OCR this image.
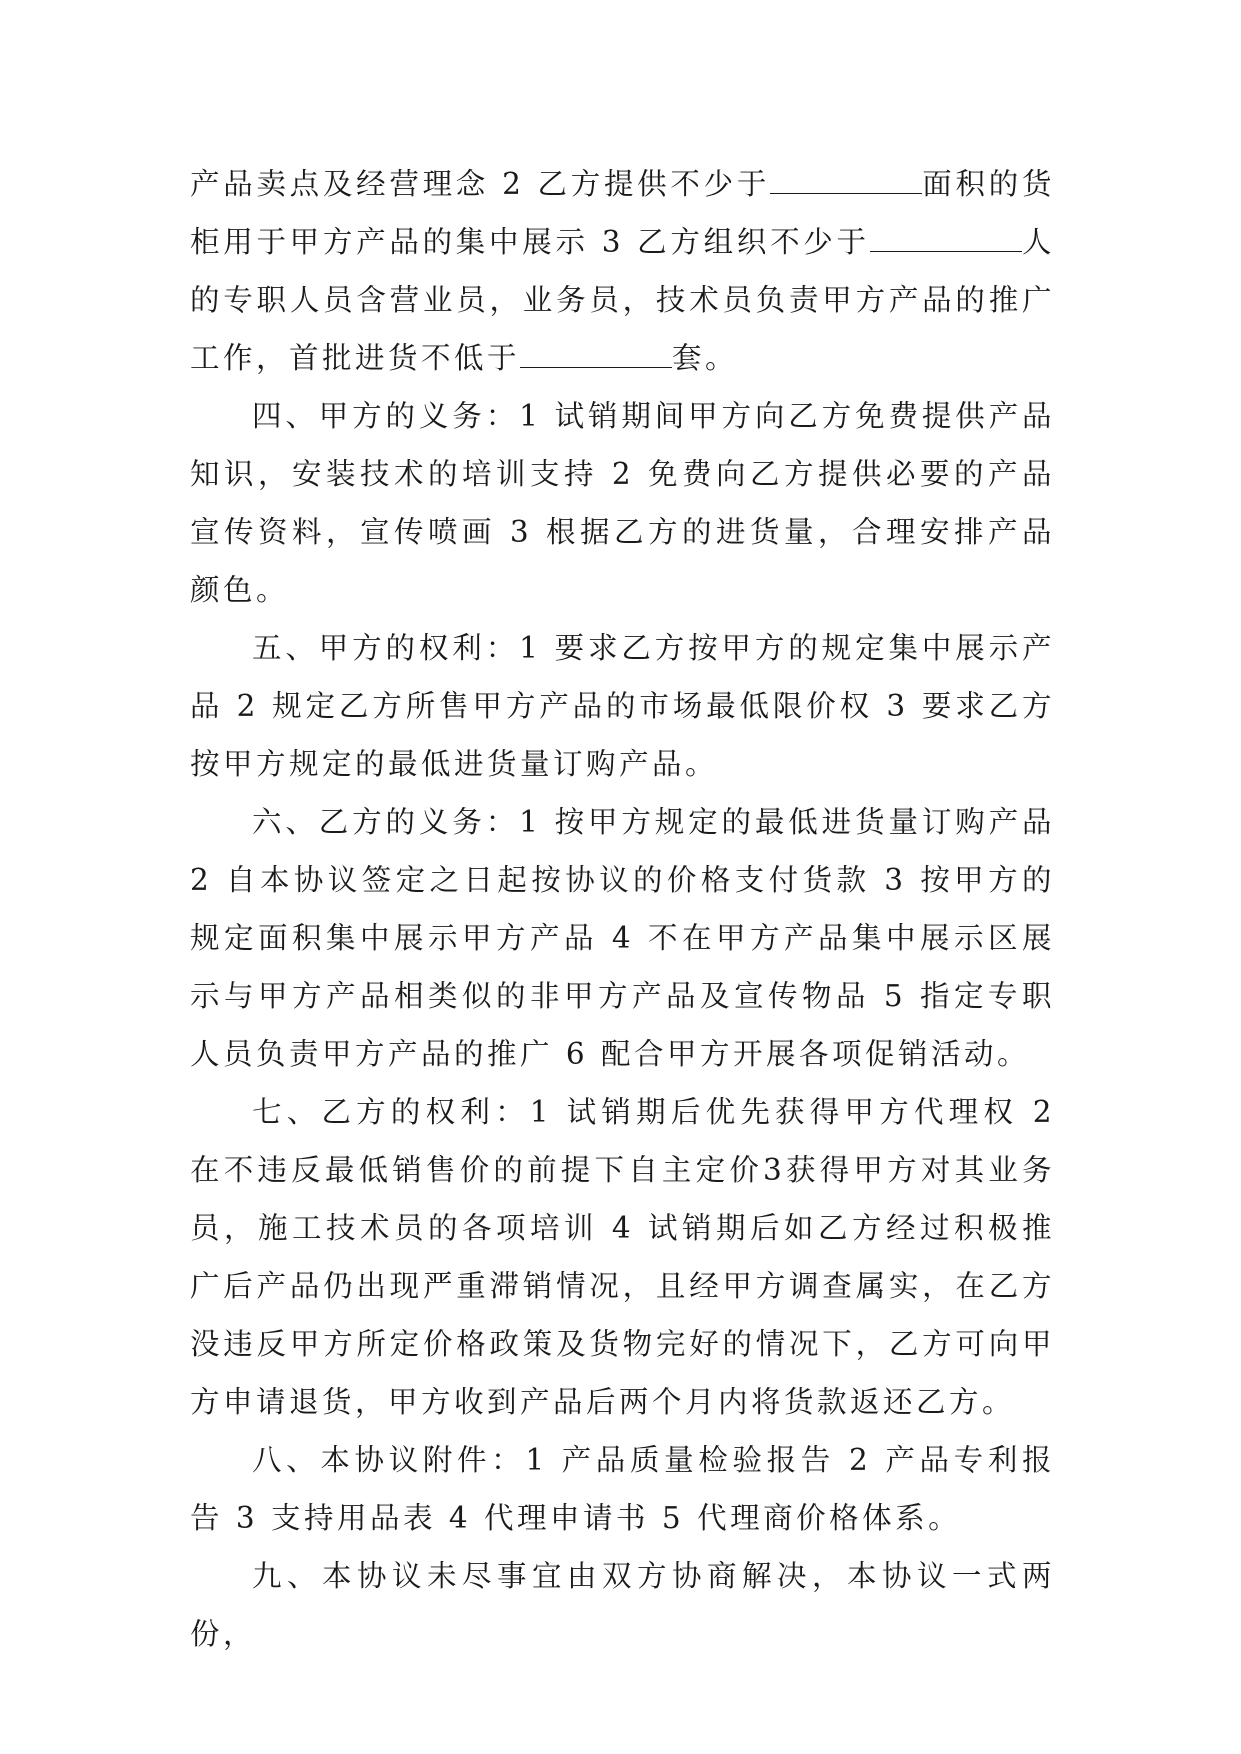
产品卖点及经营理念 2 乙方提供不少于	面积的货柜用于甲方产品的集中展示 3 乙方组织不少于	人的专职人员含营业员，业务员，技术员负责甲方产品的推广工作，首批进货不低于	套。

四、甲方的义务：1 试销期间甲方向乙方免费提供产品知识，安装技术的培训支持 2 免费向乙方提供必要的产品宣传资料，宣传喷画 3 根据乙方的进货量，合理安排产品颜色。

五、甲方的权利：1 要求乙方按甲方的规定集中展示产品 2 规定乙方所售甲方产品的市场最低限价权 3 要求乙方按甲方规定的最低进货量订购产品。

六、乙方的义务：1 按甲方规定的最低进货量订购产品 2 自本协议签定之日起按协议的价格支付货款 3 按甲方的规定面积集中展示甲方产品 4 不在甲方产品集中展示区展示与甲方产品相类似的非甲方产品及宣传物品 5 指定专职人员负责甲方产品的推广 6 配合甲方开展各项促销活动。

七、乙方的权利：1 试销期后优先获得甲方代理权 2 在不违反最低销售价的前提下自主定价3获得甲方对其业务员，施工技术员的各项培训 4 试销期后如乙方经过积极推广后产品仍出现严重滞销情况，且经甲方调查属实，在乙方没违反甲方所定价格政策及货物完好的情况下，乙方可向甲方申请退货，甲方收到产品后两个月内将货款返还乙方。

八、本协议附件：1 产品质量检验报告 2 产品专利报告 3 支持用品表 4 代理申请书 5 代理商价格体系。

九、本协议未尽事宜由双方协商解决，本协议一式两份，
